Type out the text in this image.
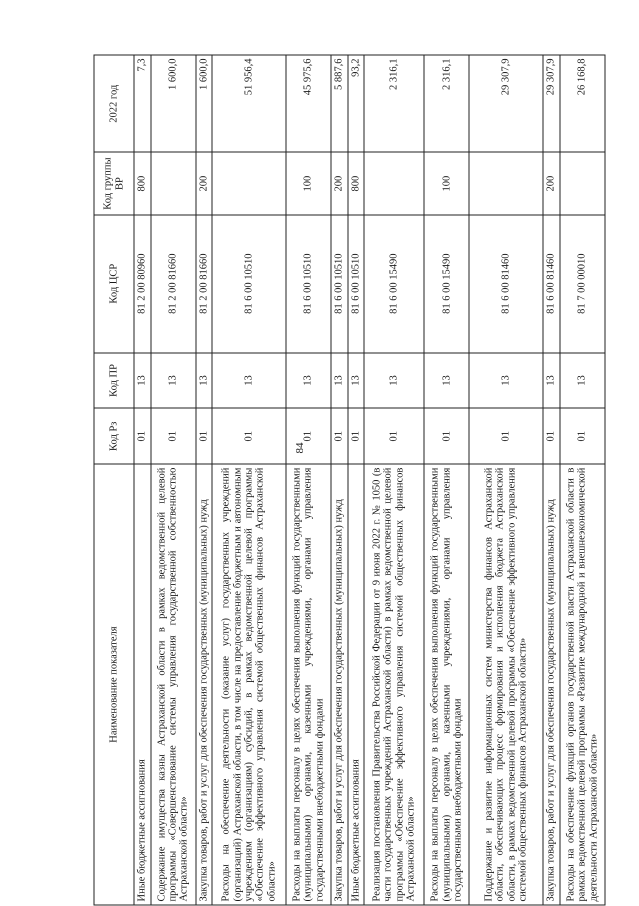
84
Наименование показателя	Код Рз	Код ПР	Код ЦСР	Код группы ВР	2022 год
Иные бюджетные ассигнования	01	13	81 2 00 80960	800	7,3
Содержание имущества казны Астраханской области в рамках ведомственной целевой программы «Совершенствование системы управления государственной собственностью Астраханской области»	01	13	81 2 00 81660		1 600,0
Закупка товаров, работ и услуг для обеспечения государственных (муниципальных) нужд	01	13	81 2 00 81660	200	1 600,0
Расходы на обеспечение деятельности (оказание услуг) государственных учреждений (организаций) Астраханской области, в том числе на предоставление бюджетным и автономным учреждениям (организациям) субсидий, в рамках ведомственной целевой программы «Обеспечение эффективного управления системой общественных финансов Астраханской области»	01	13	81 6 00 10510		51 956,4
Расходы на выплаты персоналу в целях обеспечения выполнения функций государственными (муниципальными) органами, казенными учреждениями, органами управления государственными внебюджетными фондами	01	13	81 6 00 10510	100	45 975,6
Закупка товаров, работ и услуг для обеспечения государственных (муниципальных) нужд	01	13	81 6 00 10510	200	5 887,6
Иные бюджетные ассигнования	01	13	81 6 00 10510	800	93,2
Реализация постановления Правительства Российской Федерации от 9 июня 2022 г. № 1050 (в части государственных учреждений Астраханской области) в рамках ведомственной целевой программы «Обеспечение эффективного управления системой общественных финансов Астраханской области»	01	13	81 6 00 15490		2 316,1
Расходы на выплаты персоналу в целях обеспечения выполнения функций государственными (муниципальными) органами, казенными учреждениями, органами управления государственными внебюджетными фондами	01	13	81 6 00 15490	100	2 316,1
Поддержание и развитие информационных систем министерства финансов Астраханской области, обеспечивающих процесс формирования и исполнения бюджета Астраханской области, в рамках ведомственной целевой программы «Обеспечение эффективного управления системой общественных финансов Астраханской области»	01	13	81 6 00 81460		29 307,9
Закупка товаров, работ и услуг для обеспечения государственных (муниципальных) нужд	01	13	81 6 00 81460	200	29 307,9
Расходы на обеспечение функций органов государственной власти Астраханской области в рамках ведомственной целевой программы «Развитие международной и внешнеэкономической деятельности Астраханской области»	01	13	81 7 00 00010		26 168,8
